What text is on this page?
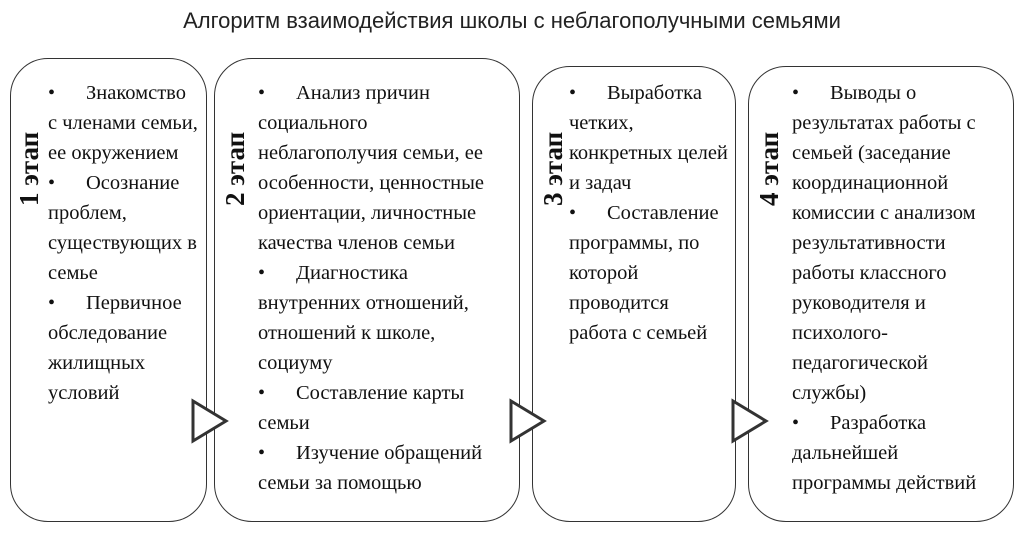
Алгоритм взаимодействия школы с неблагополучными семьями
1 этап
• Знакомство с членами семьи, ее окружением
• Осознание проблем, существующих в семье
• Первичное обследование жилищных условий
2 этап
• Анализ причин социального неблагополучия семьи, ее особенности, ценностные ориентации, личностные качества членов семьи
• Диагностика внутренних отношений, отношений к школе, социуму
• Составление карты семьи
• Изучение обращений семьи за помощью
3 этап
• Выработка четких, конкретных целей и задач
• Составление программы, по которой проводится работа с семьей
4 этап
• Выводы о результатах работы с семьей (заседание координационной комиссии с анализом результативности работы классного руководителя и психолого-педагогической службы)
• Разработка дальнейшей программы действий
